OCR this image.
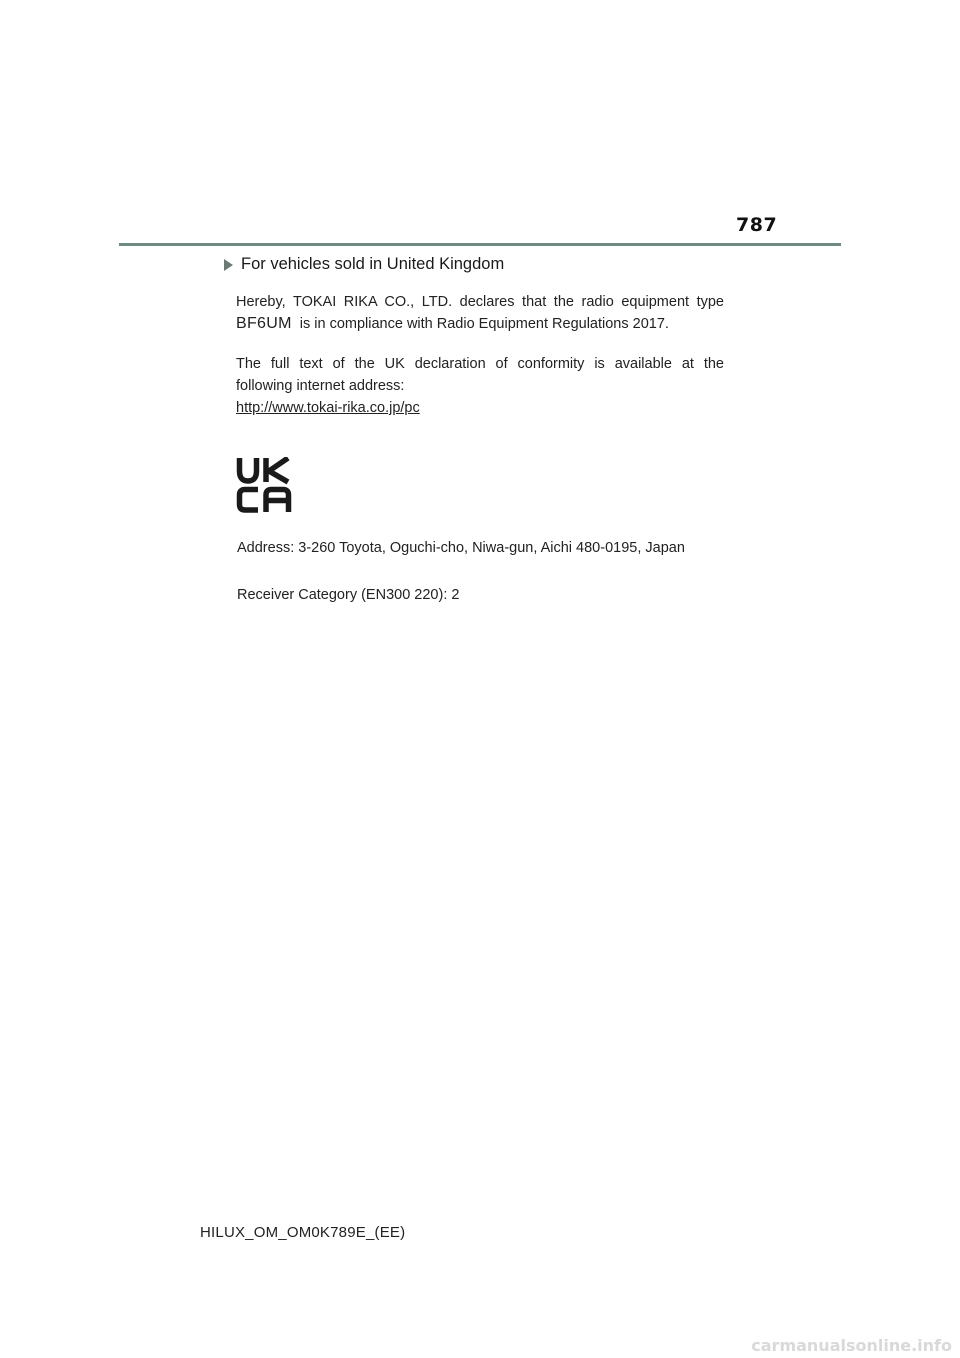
787
For vehicles sold in United Kingdom
Hereby, TOKAI RIKA CO., LTD. declares that the radio equipment type
BF6UM is in compliance with Radio Equipment Regulations 2017.
The full text of the UK declaration of conformity is available at the
following internet address:
http://www.tokai-rika.co.jp/pc
Address: 3-260 Toyota, Oguchi-cho, Niwa-gun, Aichi 480-0195, Japan
Receiver Category (EN300 220): 2
HILUX_OM_OM0K789E_(EE)
carmanualsonline.info
